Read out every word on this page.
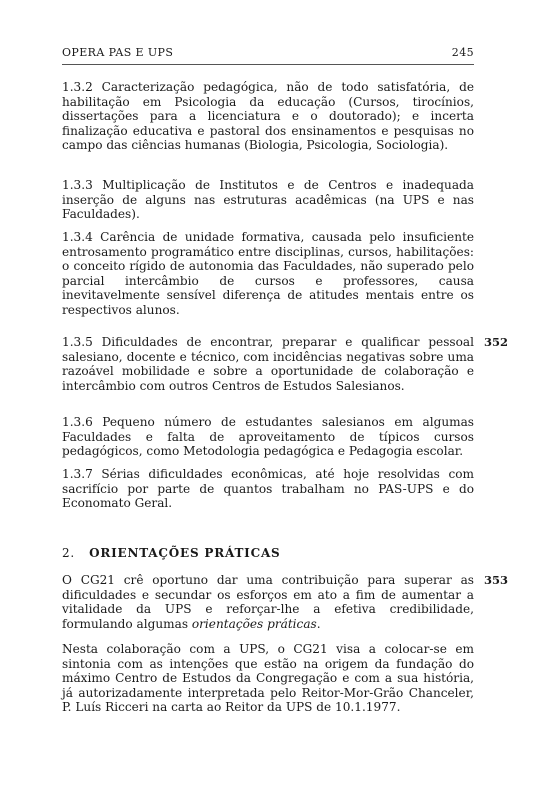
OPERA PAS E UPS	245

1.3.2 Caracterização pedagógica, não de todo satisfatória, de habilitação em Psicologia da educação (Cursos, tirocínios, dissertações para a licenciatura e o doutorado); e incerta finalização educativa e pastoral dos ensinamentos e pesquisas no campo das ciências humanas (Biologia, Psicologia, Sociologia).

1.3.3 Multiplicação de Institutos e de Centros e inadequada inserção de alguns nas estruturas acadêmicas (na UPS e nas Faculdades).

1.3.4 Carência de unidade formativa, causada pelo insuficiente entrosamento programático entre disciplinas, cursos, habilitações: o conceito rígido de autonomia das Faculdades, não superado pelo parcial intercâmbio de cursos e professores, causa inevitavelmente sensível diferença de atitudes mentais entre os respectivos alunos.

1.3.5 Dificuldades de encontrar, preparar e qualificar pessoal salesiano, docente e técnico, com incidências negativas sobre uma razoável mobilidade e sobre a oportunidade de colaboração e intercâmbio com outros Centros de Estudos Salesianos.

352

1.3.6 Pequeno número de estudantes salesianos em algumas Faculdades e falta de aproveitamento de típicos cursos pedagógicos, como Metodologia pedagógica e Pedagogia escolar.

1.3.7 Sérias dificuldades econômicas, até hoje resolvidas com sacrifício por parte de quantos trabalham no PAS-UPS e do Economato Geral.

2. ORIENTAÇÕES PRÁTICAS

O CG21 crê oportuno dar uma contribuição para superar as dificuldades e secundar os esforços em ato a fim de aumentar a vitalidade da UPS e reforçar-lhe a efetiva credibilidade, formulando algumas orientações práticas.

353

Nesta colaboração com a UPS, o CG21 visa a colocar-se em sintonia com as intenções que estão na origem da fundação do máximo Centro de Estudos da Congregação e com a sua história, já autorizadamente interpretada pelo Reitor-Mor-Grão Chanceler, P. Luís Ricceri na carta ao Reitor da UPS de 10.1.1977.
